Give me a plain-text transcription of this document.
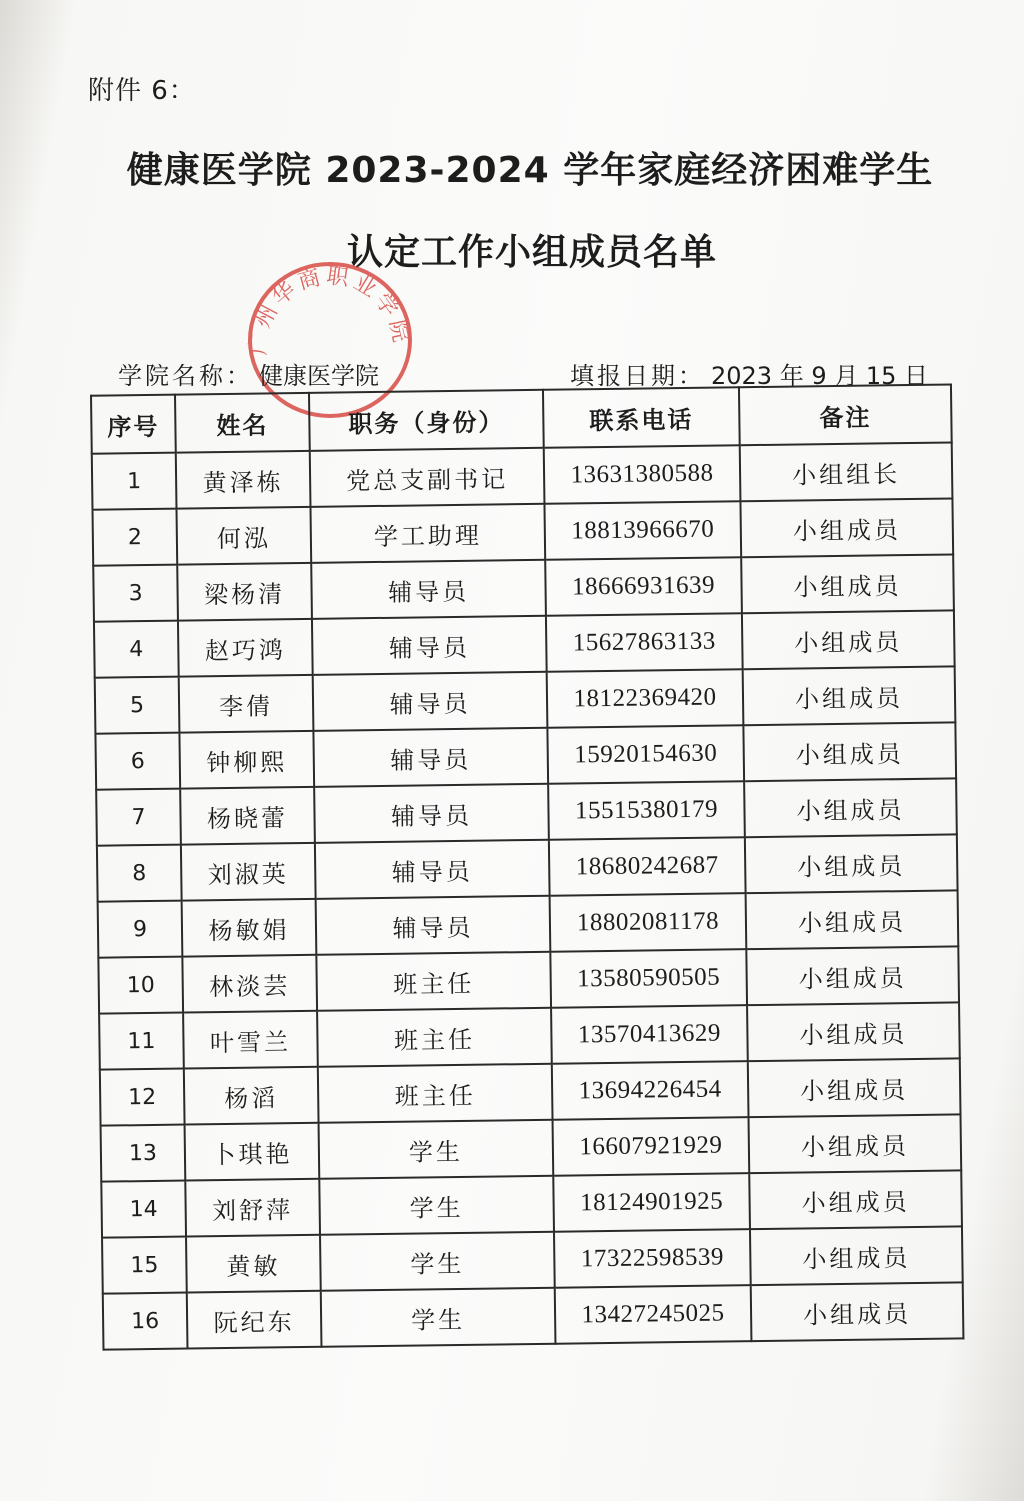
附件 6：
健康医学院 2023-2024 学年家庭经济困难学生
认定工作小组成员名单
广州华商职业学院
学院名称： 健康医学院	填报日期： 2023 年 9 月 15 日
序号	姓名	职务（身份）	联系电话	备注
1	黄泽栋	党总支副书记	13631380588	小组组长
2	何泓	学工助理	18813966670	小组成员
3	梁杨清	辅导员	18666931639	小组成员
4	赵巧鸿	辅导员	15627863133	小组成员
5	李倩	辅导员	18122369420	小组成员
6	钟柳熙	辅导员	15920154630	小组成员
7	杨晓蕾	辅导员	15515380179	小组成员
8	刘淑英	辅导员	18680242687	小组成员
9	杨敏娟	辅导员	18802081178	小组成员
10	林淡芸	班主任	13580590505	小组成员
11	叶雪兰	班主任	13570413629	小组成员
12	杨滔	班主任	13694226454	小组成员
13	卜琪艳	学生	16607921929	小组成员
14	刘舒萍	学生	18124901925	小组成员
15	黄敏	学生	17322598539	小组成员
16	阮纪东	学生	13427245025	小组成员
